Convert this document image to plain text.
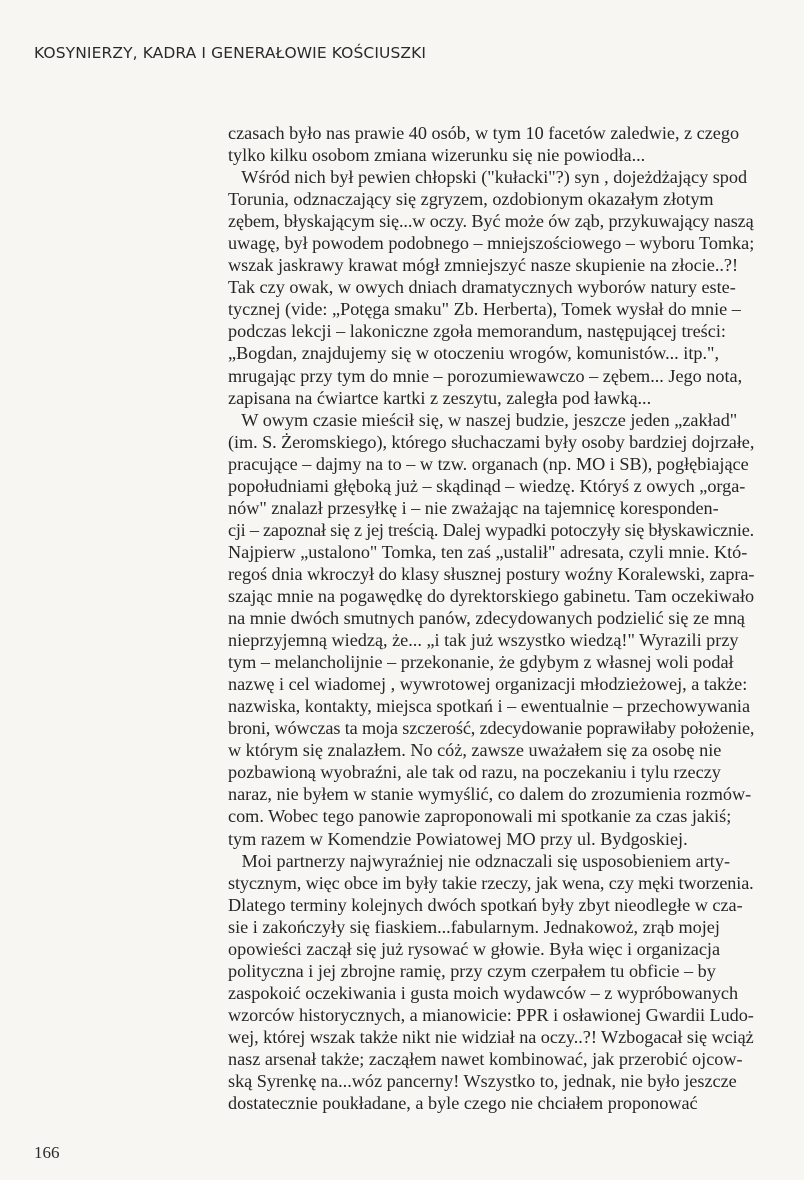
KOSYNIERZY, KADRA I GENERAŁOWIE KOŚCIUSZKI
czasach było nas prawie 40 osób, w tym 10 facetów zaledwie, z czego
tylko kilku osobom zmiana wizerunku się nie powiodła...
Wśród nich był pewien chłopski ("kułacki"?) syn , dojeżdżający spod
Torunia, odznaczający się zgryzem, ozdobionym okazałym złotym
zębem, błyskającym się...w oczy. Być może ów ząb, przykuwający naszą
uwagę, był powodem podobnego – mniejszościowego – wyboru Tomka;
wszak jaskrawy krawat mógł zmniejszyć nasze skupienie na złocie..?!
Tak czy owak, w owych dniach dramatycznych wyborów natury este-
tycznej (vide: „Potęga smaku" Zb. Herberta), Tomek wysłał do mnie –
podczas lekcji – lakoniczne zgoła memorandum, następującej treści:
„Bogdan, znajdujemy się w otoczeniu wrogów, komunistów... itp.",
mrugając przy tym do mnie – porozumiewawczo – zębem... Jego nota,
zapisana na ćwiartce kartki z zeszytu, zaległa pod ławką...
W owym czasie mieścił się, w naszej budzie, jeszcze jeden „zakład"
(im. S. Żeromskiego), którego słuchaczami były osoby bardziej dojrzałe,
pracujące – dajmy na to – w tzw. organach (np. MO i SB), pogłębiające
popołudniami głęboką już – skądinąd – wiedzę. Któryś z owych „orga-
nów" znalazł przesyłkę i – nie zważając na tajemnicę koresponden-
cji – zapoznał się z jej treścią. Dalej wypadki potoczyły się błyskawicznie.
Najpierw „ustalono" Tomka, ten zaś „ustalił" adresata, czyli mnie. Któ-
regoś dnia wkroczył do klasy słusznej postury woźny Koralewski, zapra-
szając mnie na pogawędkę do dyrektorskiego gabinetu. Tam oczekiwało
na mnie dwóch smutnych panów, zdecydowanych podzielić się ze mną
nieprzyjemną wiedzą, że... „i tak już wszystko wiedzą!" Wyrazili przy
tym – melancholijnie – przekonanie, że gdybym z własnej woli podał
nazwę i cel wiadomej , wywrotowej organizacji młodzieżowej, a także:
nazwiska, kontakty, miejsca spotkań i – ewentualnie – przechowywania
broni, wówczas ta moja szczerość, zdecydowanie poprawiłaby położenie,
w którym się znalazłem. No cóż, zawsze uważałem się za osobę nie
pozbawioną wyobraźni, ale tak od razu, na poczekaniu i tylu rzeczy
naraz, nie byłem w stanie wymyślić, co dalem do zrozumienia rozmów-
com. Wobec tego panowie zaproponowali mi spotkanie za czas jakiś;
tym razem w Komendzie Powiatowej MO przy ul. Bydgoskiej.
Moi partnerzy najwyraźniej nie odznaczali się usposobieniem arty-
stycznym, więc obce im były takie rzeczy, jak wena, czy męki tworzenia.
Dlatego terminy kolejnych dwóch spotkań były zbyt nieodległe w cza-
sie i zakończyły się fiaskiem...fabularnym. Jednakowoż, zrąb mojej
opowieści zaczął się już rysować w głowie. Była więc i organizacja
polityczna i jej zbrojne ramię, przy czym czerpałem tu obficie – by
zaspokoić oczekiwania i gusta moich wydawców – z wypróbowanych
wzorców historycznych, a mianowicie: PPR i osławionej Gwardii Ludo-
wej, której wszak także nikt nie widział na oczy..?! Wzbogacał się wciąż
nasz arsenał także; zacząłem nawet kombinować, jak przerobić ojcow-
ską Syrenkę na...wóz pancerny! Wszystko to, jednak, nie było jeszcze
dostatecznie poukładane, a byle czego nie chciałem proponować
166
